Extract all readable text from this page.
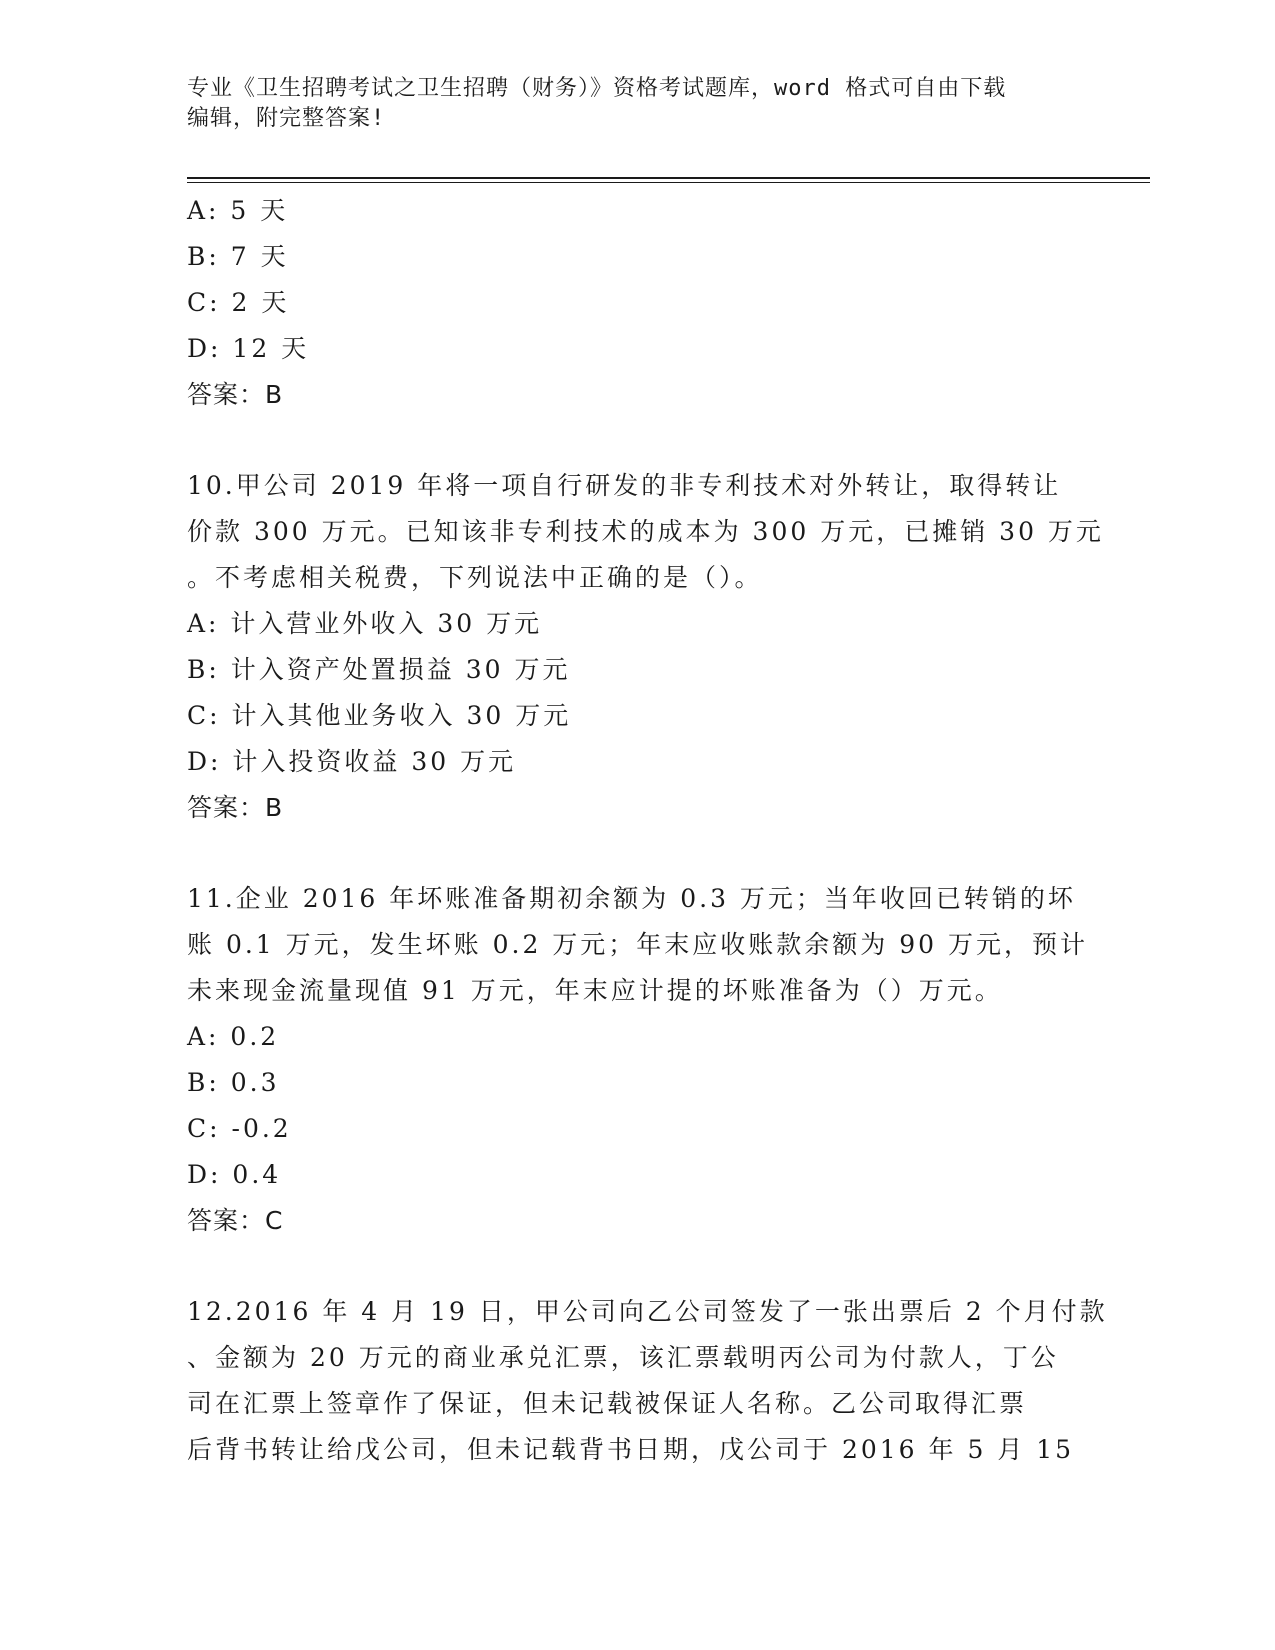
专业《卫生招聘考试之卫生招聘（财务）》资格考试题库，word 格式可自由下载
编辑，附完整答案!
A: 5 天
B: 7 天
C: 2 天
D: 12 天
答案：B
10.甲公司 2019 年将一项自行研发的非专利技术对外转让，取得转让
价款 300 万元。已知该非专利技术的成本为 300 万元，已摊销 30 万元
。不考虑相关税费，下列说法中正确的是（）。
A: 计入营业外收入 30 万元
B: 计入资产处置损益 30 万元
C: 计入其他业务收入 30 万元
D: 计入投资收益 30 万元
答案：B
11.企业 2016 年坏账准备期初余额为 0.3 万元；当年收回已转销的坏
账 0.1 万元，发生坏账 0.2 万元；年末应收账款余额为 90 万元，预计
未来现金流量现值 91 万元，年末应计提的坏账准备为（）万元。
A: 0.2
B: 0.3
C: -0.2
D: 0.4
答案：C
12.2016 年 4 月 19 日，甲公司向乙公司签发了一张出票后 2 个月付款
、金额为 20 万元的商业承兑汇票，该汇票载明丙公司为付款人，丁公
司在汇票上签章作了保证，但未记载被保证人名称。乙公司取得汇票
后背书转让给戊公司，但未记载背书日期，戊公司于 2016 年 5 月 15
